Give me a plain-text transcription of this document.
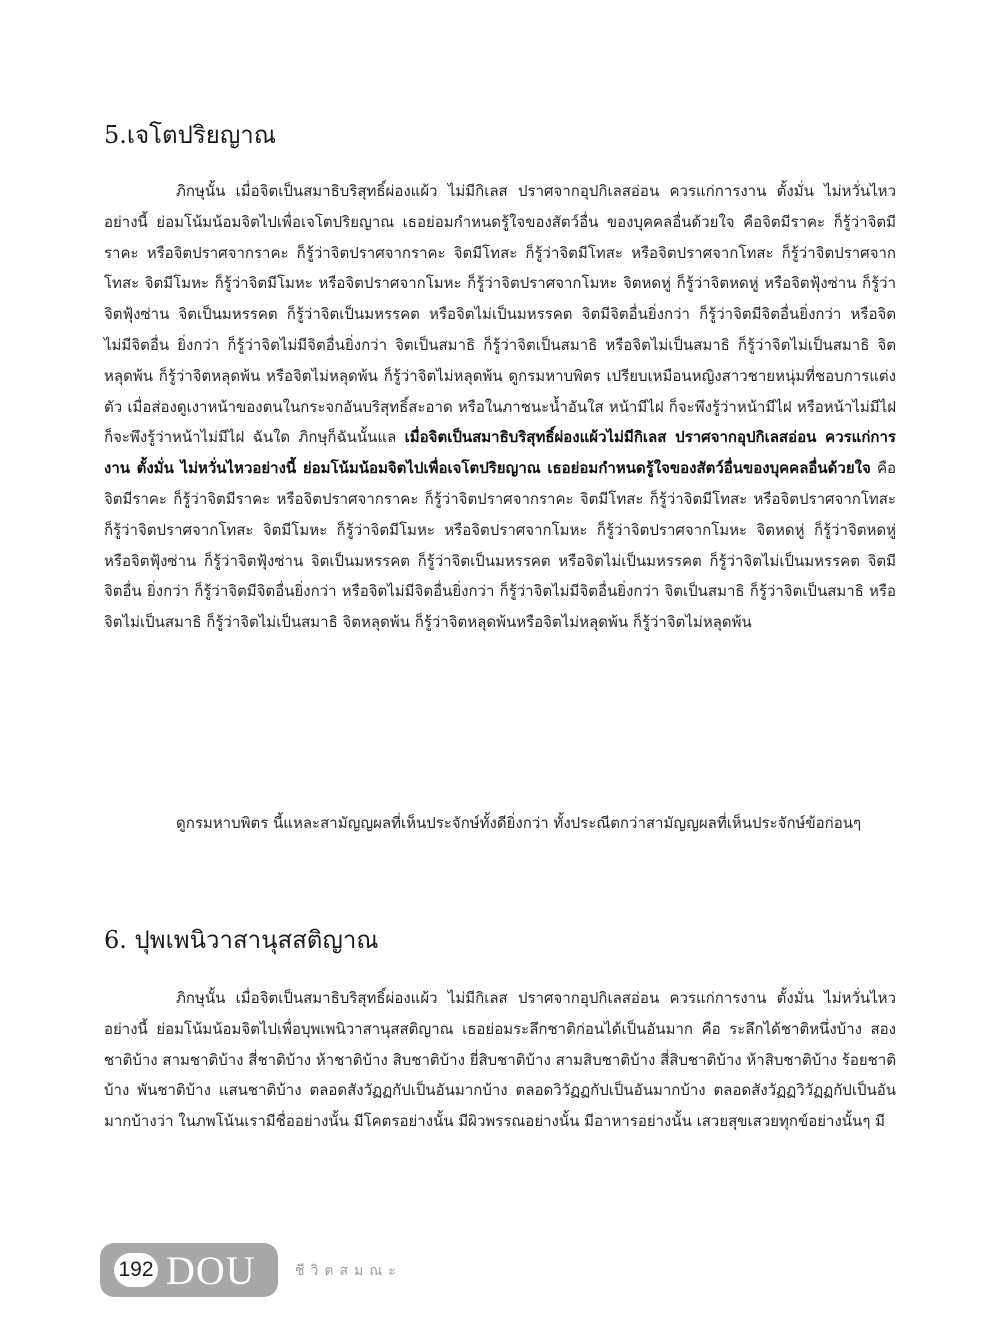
5.เจโตปริยญาณ

ภิกษุนั้น เมื่อจิตเป็นสมาธิบริสุทธิ์ผ่องแผ้ว ไม่มีกิเลส ปราศจากอุปกิเลสอ่อน ควรแก่การงาน ตั้งมั่น ไม่หวั่นไหวอย่างนี้ ย่อมโน้มน้อมจิตไปเพื่อเจโตปริยญาณ เธอย่อมกำหนดรู้ใจของสัตว์อื่น ของบุคคลอื่นด้วยใจ คือจิตมีราคะ ก็รู้ว่าจิตมีราคะ หรือจิตปราศจากราคะ ก็รู้ว่าจิตปราศจากราคะ จิตมีโทสะ ก็รู้ว่าจิตมีโทสะ หรือจิตปราศจากโทสะ ก็รู้ว่าจิตปราศจากโทสะ จิตมีโมหะ ก็รู้ว่าจิตมีโมหะ หรือจิตปราศจากโมหะ ก็รู้ว่าจิตปราศจากโมหะ จิตหดหู่ ก็รู้ว่าจิตหดหู่ หรือจิตฟุ้งซ่าน ก็รู้ว่าจิตฟุ้งซ่าน จิตเป็นมหรรคต ก็รู้ว่าจิตเป็นมหรรคต หรือจิตไม่เป็นมหรรคต จิตมีจิตอื่นยิ่งกว่า ก็รู้ว่าจิตมีจิตอื่นยิ่งกว่า หรือจิตไม่มีจิตอื่น ยิ่งกว่า ก็รู้ว่าจิตไม่มีจิตอื่นยิ่งกว่า จิตเป็นสมาธิ ก็รู้ว่าจิตเป็นสมาธิ หรือจิตไม่เป็นสมาธิ ก็รู้ว่าจิตไม่เป็นสมาธิ จิตหลุดพ้น ก็รู้ว่าจิตหลุดพ้น หรือจิตไม่หลุดพ้น ก็รู้ว่าจิตไม่หลุดพ้น ดูกรมหาบพิตร เปรียบเหมือนหญิงสาวชายหนุ่มที่ชอบการแต่งตัว เมื่อส่องดูเงาหน้าของตนในกระจกอันบริสุทธิ์สะอาด หรือในภาชนะน้ำอันใส หน้ามีไฝ ก็จะพึงรู้ว่าหน้ามีไฝ หรือหน้าไม่มีไฝ ก็จะพึงรู้ว่าหน้าไม่มีไฝ ฉันใด ภิกษุก็ฉันนั้นแล เมื่อจิตเป็นสมาธิบริสุทธิ์ผ่องแผ้วไม่มีกิเลส ปราศจากอุปกิเลสอ่อน ควรแก่การงาน ตั้งมั่น ไม่หวั่นไหวอย่างนี้ ย่อมโน้มน้อมจิตไปเพื่อเจโตปริยญาณ เธอย่อมกำหนดรู้ใจของสัตว์อื่นของบุคคลอื่นด้วยใจ คือจิตมีราคะ ก็รู้ว่าจิตมีราคะ หรือจิตปราศจากราคะ ก็รู้ว่าจิตปราศจากราคะ จิตมีโทสะ ก็รู้ว่าจิตมีโทสะ หรือจิตปราศจากโทสะ ก็รู้ว่าจิตปราศจากโทสะ จิตมีโมหะ ก็รู้ว่าจิตมีโมหะ หรือจิตปราศจากโมหะ ก็รู้ว่าจิตปราศจากโมหะ จิตหดหู่ ก็รู้ว่าจิตหดหู่ หรือจิตฟุ้งซ่าน ก็รู้ว่าจิตฟุ้งซ่าน จิตเป็นมหรรคต ก็รู้ว่าจิตเป็นมหรรคต หรือจิตไม่เป็นมหรรคต ก็รู้ว่าจิตไม่เป็นมหรรคต จิตมีจิตอื่น ยิ่งกว่า ก็รู้ว่าจิตมีจิตอื่นยิ่งกว่า หรือจิตไม่มีจิตอื่นยิ่งกว่า ก็รู้ว่าจิตไม่มีจิตอื่นยิ่งกว่า จิตเป็นสมาธิ ก็รู้ว่าจิตเป็นสมาธิ หรือจิตไม่เป็นสมาธิ ก็รู้ว่าจิตไม่เป็นสมาธิ จิตหลุดพ้น ก็รู้ว่าจิตหลุดพ้นหรือจิตไม่หลุดพ้น ก็รู้ว่าจิตไม่หลุดพ้น

ดูกรมหาบพิตร นี้แหละสามัญญผลที่เห็นประจักษ์ทั้งดียิ่งกว่า ทั้งประณีตกว่าสามัญญผลที่เห็นประจักษ์ข้อก่อนๆ

6. ปุพเพนิวาสานุสสติญาณ

ภิกษุนั้น เมื่อจิตเป็นสมาธิบริสุทธิ์ผ่องแผ้ว ไม่มีกิเลส ปราศจากอุปกิเลสอ่อน ควรแก่การงาน ตั้งมั่น ไม่หวั่นไหว อย่างนี้ ย่อมโน้มน้อมจิตไปเพื่อบุพเพนิวาสานุสสติญาณ เธอย่อมระลึกชาติก่อนได้เป็นอันมาก คือ ระลึกได้ชาติหนึ่งบ้าง สองชาติบ้าง สามชาติบ้าง สี่ชาติบ้าง ห้าชาติบ้าง สิบชาติบ้าง ยี่สิบชาติบ้าง สามสิบชาติบ้าง สี่สิบชาติบ้าง ห้าสิบชาติบ้าง ร้อยชาติบ้าง พันชาติบ้าง แสนชาติบ้าง ตลอดสังวัฏฏกัปเป็นอันมากบ้าง ตลอดวิวัฏฏกัปเป็นอันมากบ้าง ตลอดสังวัฏฏวิวัฏฏกัปเป็นอันมากบ้างว่า ในภพโน้นเรามีชื่ออย่างนั้น มีโคตรอย่างนั้น มีผิวพรรณอย่างนั้น มีอาหารอย่างนั้น เสวยสุขเสวยทุกข์อย่างนั้นๆ มี

192 DOU	ชีวิตสมณะ
